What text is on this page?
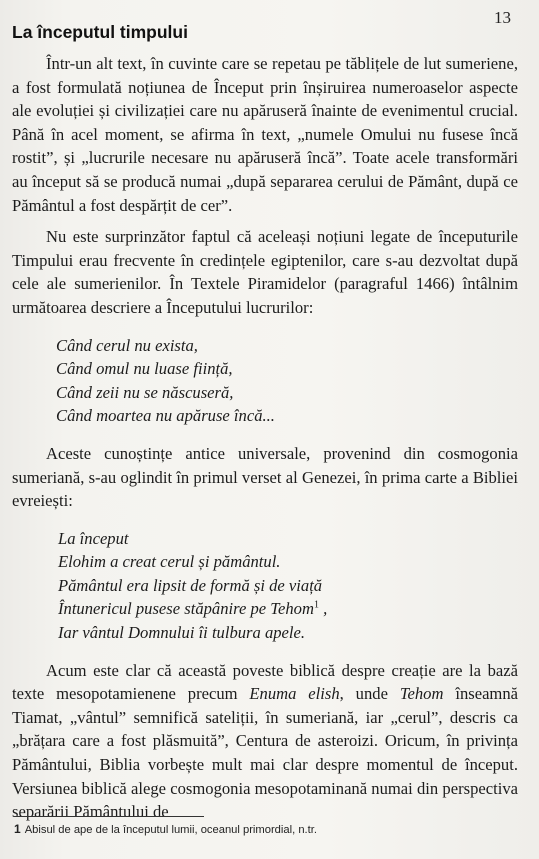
13
La începutul timpului

Într-un alt text, în cuvinte care se repetau pe tăblițele de lut sumeriene, a fost formulată noțiunea de Început prin înșiruirea numeroaselor aspecte ale evoluției și civilizației care nu apăruseră înainte de evenimentul crucial. Până în acel moment, se afirma în text, „numele Omului nu fusese încă rostit”, și „lucrurile necesare nu apăruseră încă”. Toate acele transformări au început să se producă numai „după separarea cerului de Pământ, după ce Pământul a fost despărțit de cer”.

Nu este surprinzător faptul că aceleași noțiuni legate de începuturile Timpului erau frecvente în credințele egiptenilor, care s-au dezvoltat după cele ale sumerienilor. În Textele Piramidelor (paragraful 1466) întâlnim următoarea descriere a Începutului lucrurilor:

Când cerul nu exista,
Când omul nu luase ființă,
Când zeii nu se născuseră,
Când moartea nu apăruse încă...

Aceste cunoștințe antice universale, provenind din cosmogonia sumeriană, s-au oglindit în primul verset al Genezei, în prima carte a Bibliei evreiești:

La început
Elohim a creat cerul și pământul.
Pământul era lipsit de formă și de viață
Întunericul pusese stăpânire pe Tehom$^1$ ,
Iar vântul Domnului îi tulbura apele.

Acum este clar că această poveste biblică despre creație are la bază texte mesopotamienene precum Enuma elish, unde Tehom înseamnă Tiamat, „vântul” semnifică sateliții, în sumeriană, iar „cerul”, descris ca „brățara care a fost plăsmuită”, Centura de asteroizi. Oricum, în privința Pământului, Biblia vorbește mult mai clar despre momentul de început. Versiunea biblică alege cosmogonia mesopotaminană numai din perspectiva separării Pământului de

1 Abisul de ape de la începutul lumii, oceanul primordial, n.tr.
